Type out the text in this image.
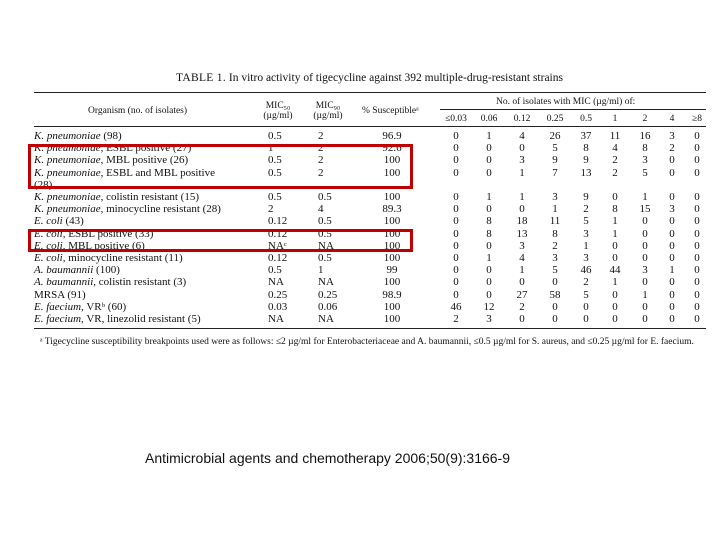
TABLE 1. In vitro activity of tigecycline against 392 multiple-drug-resistant strains
Organism (no. of isolates)	MIC₅₀
(µg/ml)
MIC₉₀
(µg/ml)	% Susceptibleᵃ
No. of isolates with MIC (µg/ml) of:
≤0.03	0.06	0.12	0.25	0.5	1	2	4	≥8
K. pneumoniae (98)	0.5	2	96.9	0	1	4	26	37	11	16	3	0
K. pneumoniae, ESBL positive (27)	1	2	92.6	0	0	0	5	8	4	8	2	0
K. pneumoniae, MBL positive (26)	0.5	2	100	0	0	3	9	9	2	3	0	0
K. pneumoniae, ESBL and MBL positive	0.5	2	100	0	0	1	7	13	2	5	0	0
(28)
K. pneumoniae, colistin resistant (15)	0.5	0.5	100	0	1	1	3	9	0	1	0	0
K. pneumoniae, minocycline resistant (28)	2	4	89.3	0	0	0	1	2	8	15	3	0
E. coli (43)	0.12	0.5	100	0	8	18	11	5	1	0	0	0
E. coli, ESBL positive (33)	0.12	0.5	100	0	8	13	8	3	1	0	0	0
E. coli, MBL positive (6)	NAᶜ	NA	100	0	0	3	2	1	0	0	0	0
E. coli, minocycline resistant (11)	0.12	0.5	100	0	1	4	3	3	0	0	0	0
A. baumannii (100)	0.5	1	99	0	0	1	5	46	44	3	1	0
A. baumannii, colistin resistant (3)	NA	NA	100	0	0	0	0	2	1	0	0	0
MRSA (91)	0.25	0.25	98.9	0	0	27	58	5	0	1	0	0
E. faecium, VRᵇ (60)	0.03	0.06	100	46	12	2	0	0	0	0	0	0
E. faecium, VR, linezolid resistant (5)	NA	NA	100	2	3	0	0	0	0	0	0	0
ᵃ Tigecycline susceptibility breakpoints used were as follows: ≤2 µg/ml for Enterobacteriaceae and A. baumannii, ≤0.5 µg/ml for S. aureus, and ≤0.25 µg/ml for E. faecium.
Antimicrobial agents and chemotherapy 2006;50(9):3166-9
